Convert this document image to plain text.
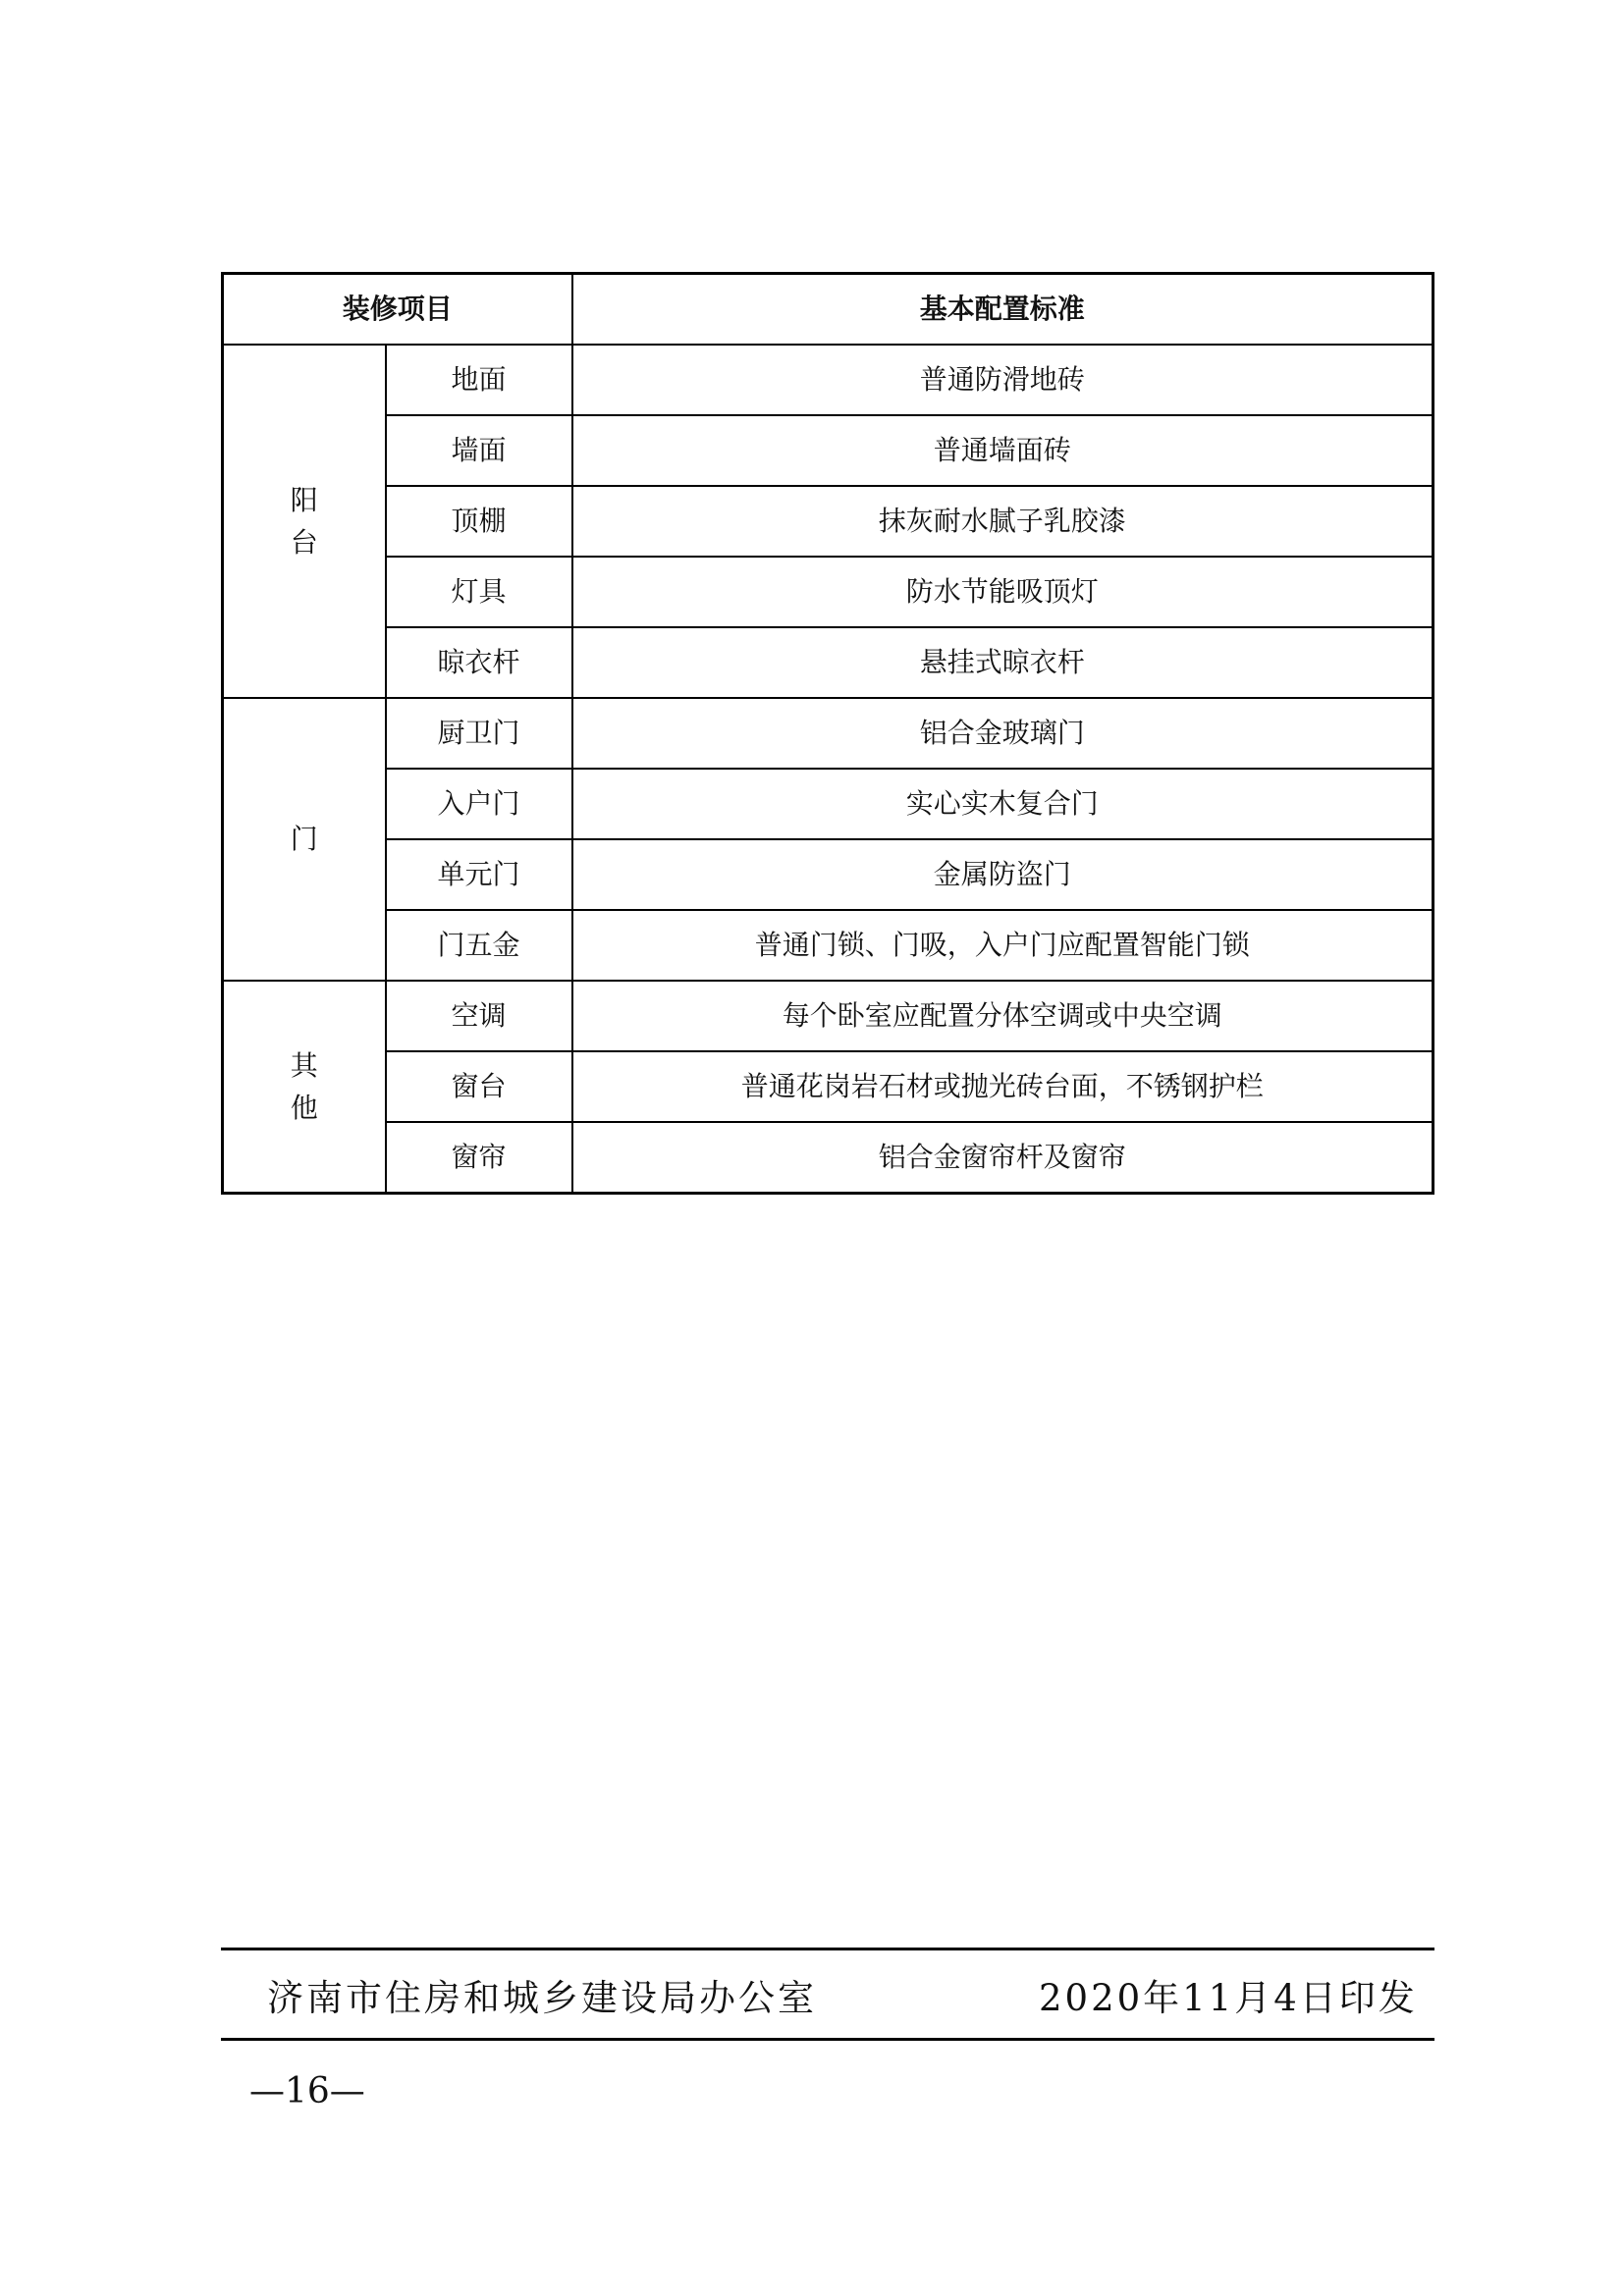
装修项目		基本配置标准
阳台	地面	普通防滑地砖
	墙面	普通墙面砖
	顶棚	抹灰耐水腻子乳胶漆
	灯具	防水节能吸顶灯
	晾衣杆	悬挂式晾衣杆
门	厨卫门	铝合金玻璃门
	入户门	实心实木复合门
	单元门	金属防盗门
	门五金	普通门锁、门吸，入户门应配置智能门锁
其他	空调	每个卧室应配置分体空调或中央空调
	窗台	普通花岗岩石材或抛光砖台面，不锈钢护栏
	窗帘	铝合金窗帘杆及窗帘
济南市住房和城乡建设局办公室	2020年11月4日印发
—16—
